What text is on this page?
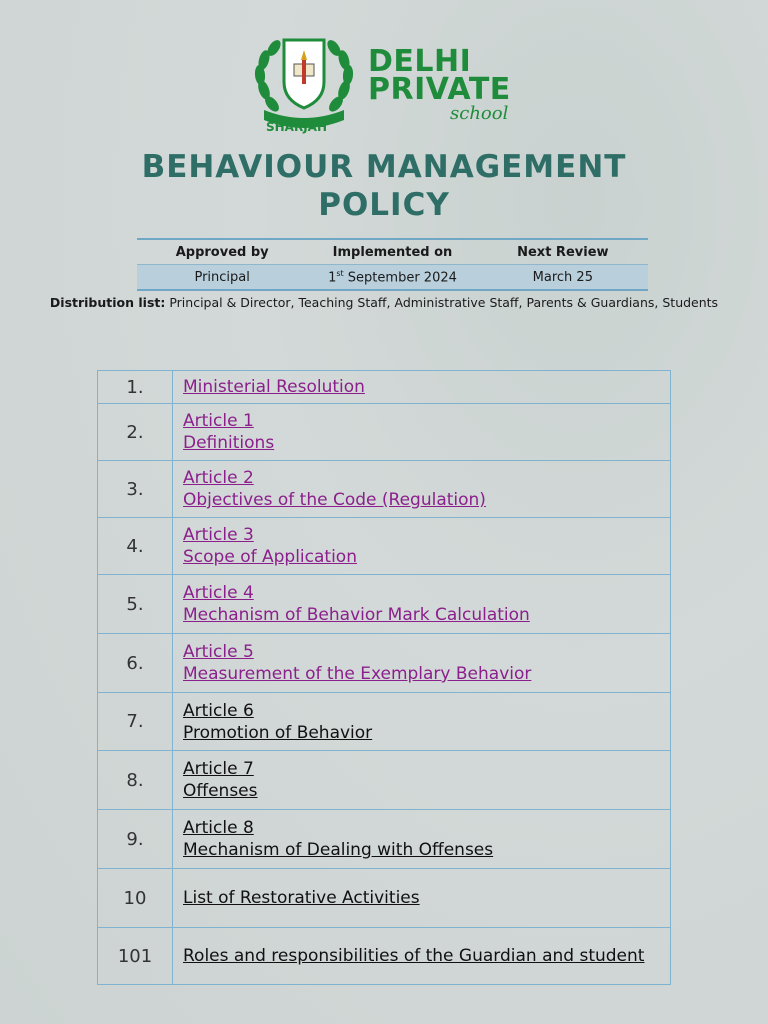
SHARJAH
DELHI
PRIVATE
school
BEHAVIOUR MANAGEMENT
POLICY
Approved by	Implemented on	Next Review
Principal	1st September 2024	March 25
Distribution list: Principal & Director, Teaching Staff, Administrative Staff, Parents & Guardians, Students
1.	Ministerial Resolution
2.	Article 1
Definitions
3.	Article 2
Objectives of the Code (Regulation)
4.	Article 3
Scope of Application
5.	Article 4
Mechanism of Behavior Mark Calculation
6.	Article 5
Measurement of the Exemplary Behavior
7.	Article 6
Promotion of Behavior
8.	Article 7
Offenses
9.	Article 8
Mechanism of Dealing with Offenses
10	List of Restorative Activities
101	Roles and responsibilities of the Guardian and student
